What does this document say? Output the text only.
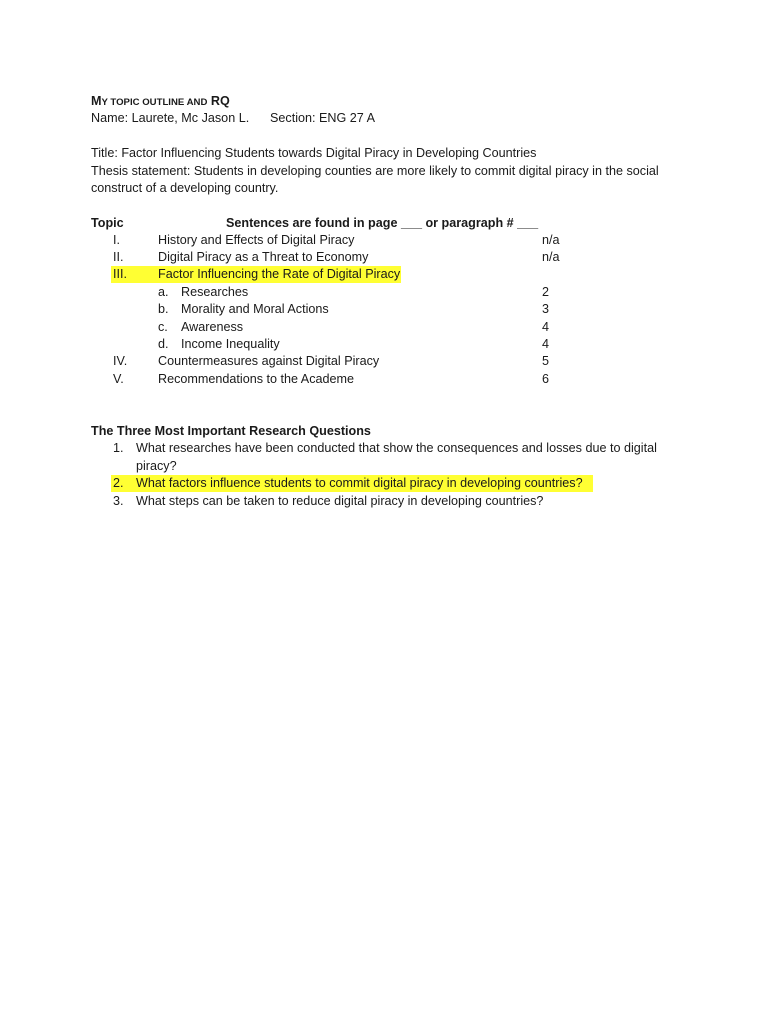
MY TOPIC OUTLINE AND RQ
Name: Laurete, Mc Jason L. Section: ENG 27 A
Title: Factor Influencing Students towards Digital Piracy in Developing Countries
Thesis statement: Students in developing counties are more likely to commit digital piracy in the social
construct of a developing country.
Topic	Sentences are found in page ___ or paragraph # ___
I.	History and Effects of Digital Piracy	n/a
II.	Digital Piracy as a Threat to Economy	n/a
III. Factor Influencing the Rate of Digital Piracy
a. Researches	2
b. Morality and Moral Actions	3
c. Awareness	4
d. Income Inequality	4
IV. Countermeasures against Digital Piracy	5
V.	Recommendations to the Academe	6
The Three Most Important Research Questions
1. What researches have been conducted that show the consequences and losses due to digital
piracy?
2. What factors influence students to commit digital piracy in developing countries?
3. What steps can be taken to reduce digital piracy in developing countries?
